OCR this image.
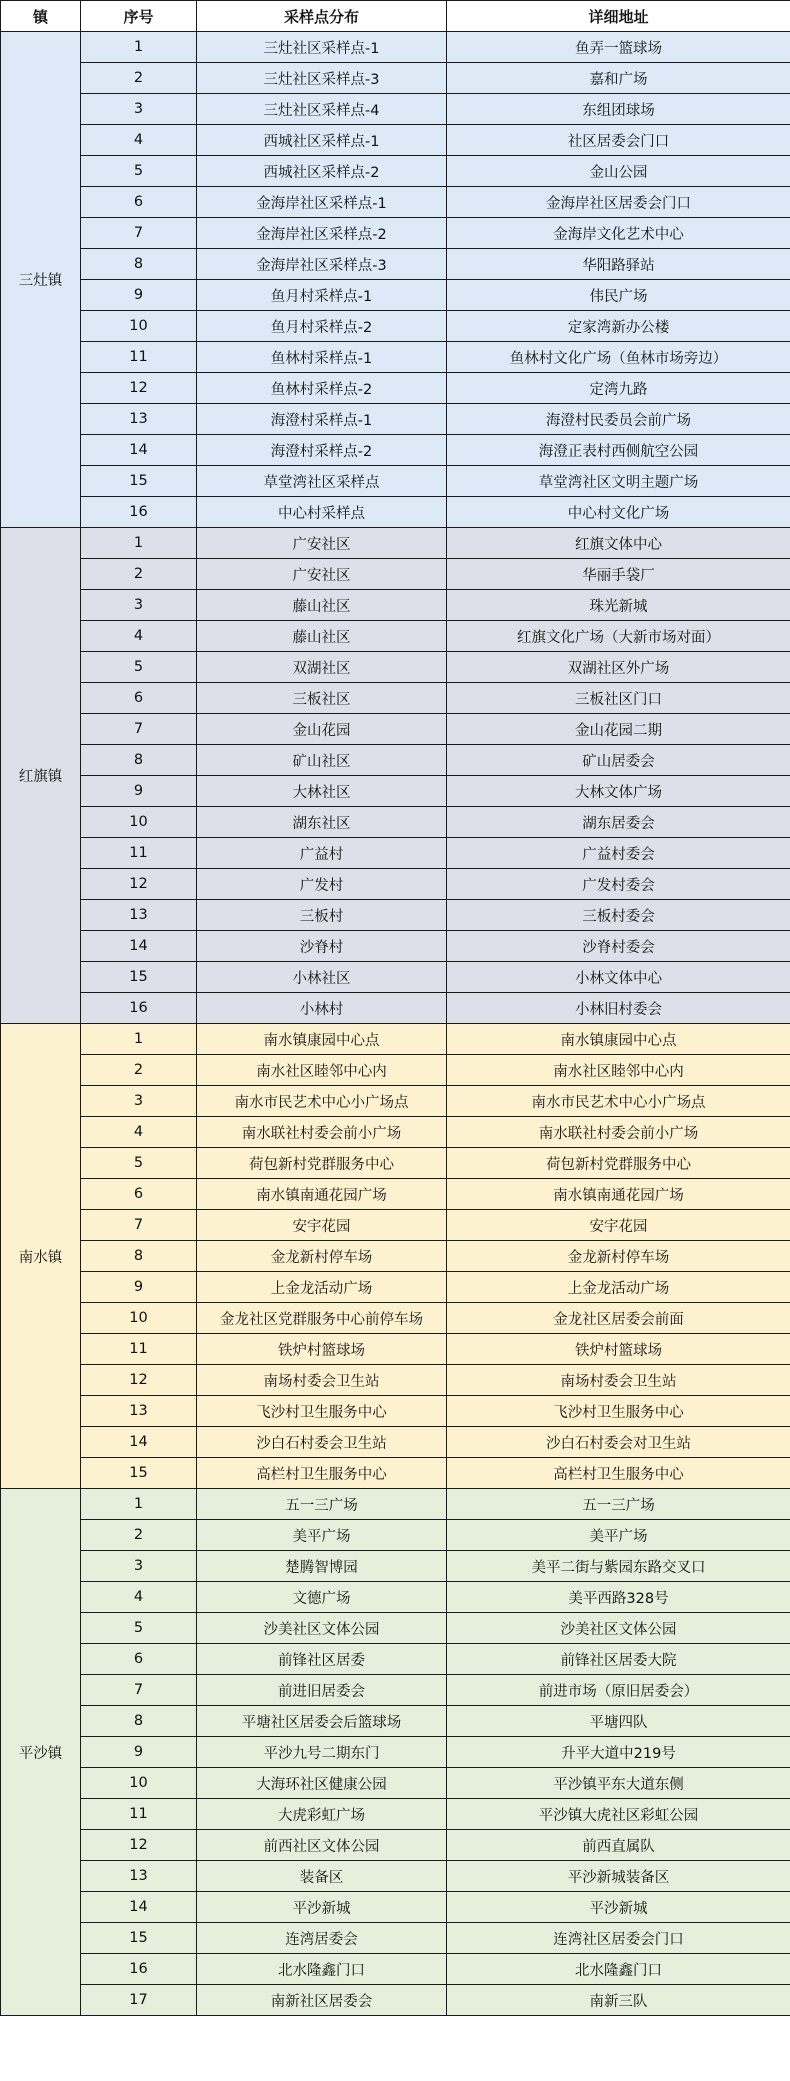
镇	序号	采样点分布	详细地址
三灶镇	1	三灶社区采样点-1	鱼弄一篮球场
	2	三灶社区采样点-3	嘉和广场
	3	三灶社区采样点-4	东组团球场
	4	西城社区采样点-1	社区居委会门口
	5	西城社区采样点-2	金山公园
	6	金海岸社区采样点-1	金海岸社区居委会门口
	7	金海岸社区采样点-2	金海岸文化艺术中心
	8	金海岸社区采样点-3	华阳路驿站
	9	鱼月村采样点-1	伟民广场
	10	鱼月村采样点-2	定家湾新办公楼
	11	鱼林村采样点-1	鱼林村文化广场（鱼林市场旁边）
	12	鱼林村采样点-2	定湾九路
	13	海澄村采样点-1	海澄村民委员会前广场
	14	海澄村采样点-2	海澄正表村西侧航空公园
	15	草堂湾社区采样点	草堂湾社区文明主题广场
	16	中心村采样点	中心村文化广场
红旗镇	1	广安社区	红旗文体中心
	2	广安社区	华丽手袋厂
	3	藤山社区	珠光新城
	4	藤山社区	红旗文化广场（大新市场对面）
	5	双湖社区	双湖社区外广场
	6	三板社区	三板社区门口
	7	金山花园	金山花园二期
	8	矿山社区	矿山居委会
	9	大林社区	大林文体广场
	10	湖东社区	湖东居委会
	11	广益村	广益村委会
	12	广发村	广发村委会
	13	三板村	三板村委会
	14	沙脊村	沙脊村委会
	15	小林社区	小林文体中心
	16	小林村	小林旧村委会
南水镇	1	南水镇康园中心点	南水镇康园中心点
	2	南水社区睦邻中心内	南水社区睦邻中心内
	3	南水市民艺术中心小广场点	南水市民艺术中心小广场点
	4	南水联社村委会前小广场	南水联社村委会前小广场
	5	荷包新村党群服务中心	荷包新村党群服务中心
	6	南水镇南通花园广场	南水镇南通花园广场
	7	安宇花园	安宇花园
	8	金龙新村停车场	金龙新村停车场
	9	上金龙活动广场	上金龙活动广场
	10	金龙社区党群服务中心前停车场	金龙社区居委会前面
	11	铁炉村篮球场	铁炉村篮球场
	12	南场村委会卫生站	南场村委会卫生站
	13	飞沙村卫生服务中心	飞沙村卫生服务中心
	14	沙白石村委会卫生站	沙白石村委会对卫生站
	15	高栏村卫生服务中心	高栏村卫生服务中心
平沙镇	1	五一三广场	五一三广场
	2	美平广场	美平广场
	3	楚腾智博园	美平二街与紫园东路交叉口
	4	文德广场	美平西路328号
	5	沙美社区文体公园	沙美社区文体公园
	6	前锋社区居委	前锋社区居委大院
	7	前进旧居委会	前进市场（原旧居委会）
	8	平塘社区居委会后篮球场	平塘四队
	9	平沙九号二期东门	升平大道中219号
	10	大海环社区健康公园	平沙镇平东大道东侧
	11	大虎彩虹广场	平沙镇大虎社区彩虹公园
	12	前西社区文体公园	前西直属队
	13	装备区	平沙新城装备区
	14	平沙新城	平沙新城
	15	连湾居委会	连湾社区居委会门口
	16	北水隆鑫门口	北水隆鑫门口
	17	南新社区居委会	南新三队
